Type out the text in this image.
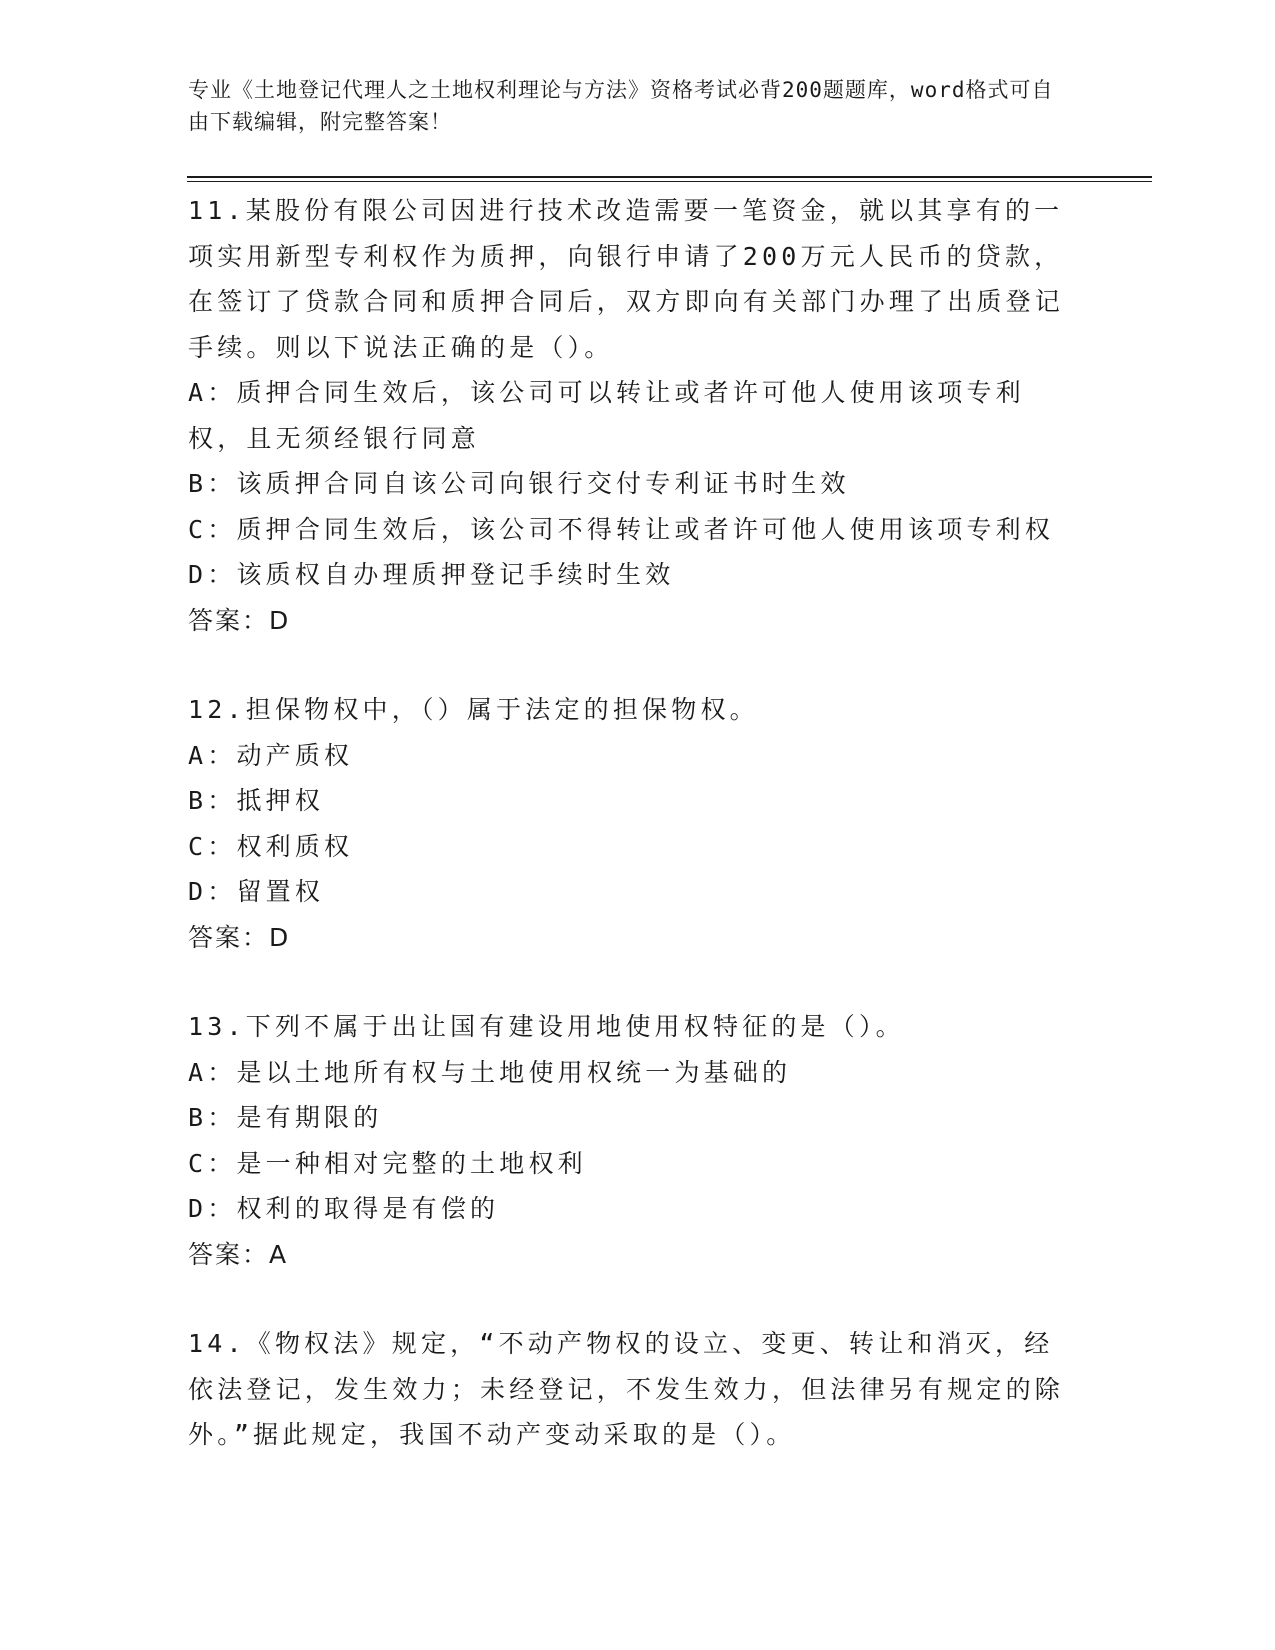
专业《土地登记代理人之土地权利理论与方法》资格考试必背200题题库，word格式可自由下载编辑，附完整答案！
11.某股份有限公司因进行技术改造需要一笔资金，就以其享有的一项实用新型专利权作为质押，向银行申请了200万元人民币的贷款，在签订了贷款合同和质押合同后，双方即向有关部门办理了出质登记手续。则以下说法正确的是（）。
A：质押合同生效后，该公司可以转让或者许可他人使用该项专利权，且无须经银行同意
B：该质押合同自该公司向银行交付专利证书时生效
C：质押合同生效后，该公司不得转让或者许可他人使用该项专利权
D：该质权自办理质押登记手续时生效
答案：D
12.担保物权中，（）属于法定的担保物权。
A：动产质权
B：抵押权
C：权利质权
D：留置权
答案：D
13.下列不属于出让国有建设用地使用权特征的是（）。
A：是以土地所有权与土地使用权统一为基础的
B：是有期限的
C：是一种相对完整的土地权利
D：权利的取得是有偿的
答案：A
14.《物权法》规定，“不动产物权的设立、变更、转让和消灭，经依法登记，发生效力；未经登记，不发生效力，但法律另有规定的除外。”据此规定，我国不动产变动采取的是（）。
